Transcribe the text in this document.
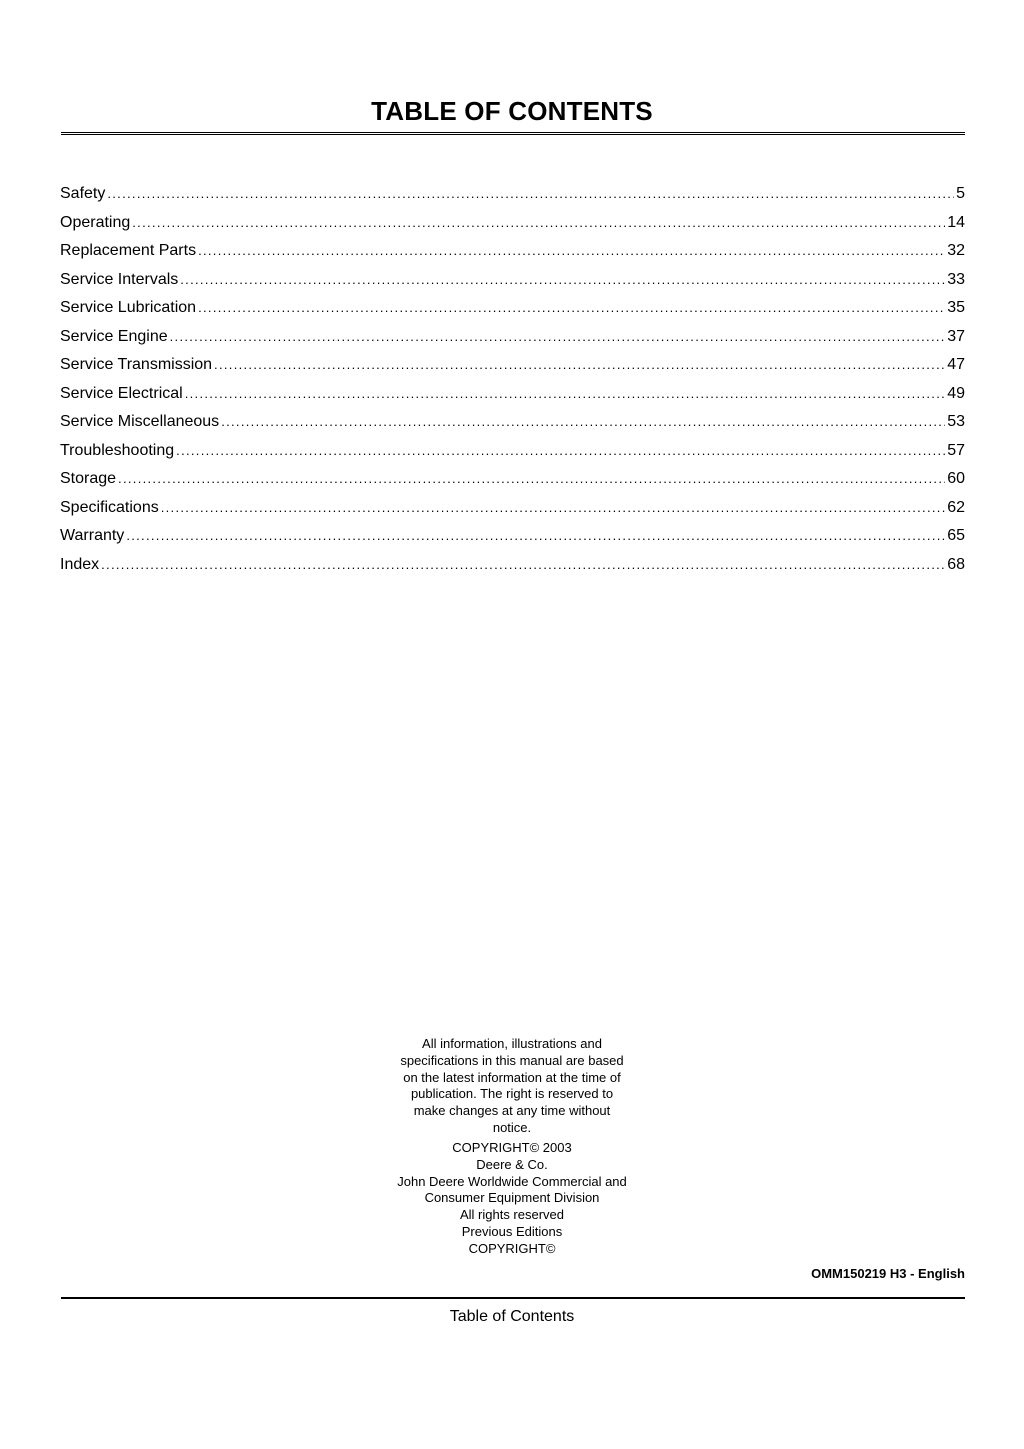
TABLE OF CONTENTS
Safety .....	5
Operating .....	14
Replacement Parts .....	32
Service Intervals .....	33
Service Lubrication .....	35
Service Engine .....	37
Service Transmission .....	47
Service Electrical .....	49
Service Miscellaneous .....	53
Troubleshooting .....	57
Storage .....	60
Specifications .....	62
Warranty .....	65
Index .....	68

All information, illustrations and

specifications in this manual are based

on the latest information at the time of

publication. The right is reserved to

make changes at any time without

notice.

COPYRIGHT© 2003
Deere & Co.
John Deere Worldwide Commercial and
Consumer Equipment Division
All rights reserved
Previous Editions
COPYRIGHT©
OMM150219 H3 - English
Table of Contents
